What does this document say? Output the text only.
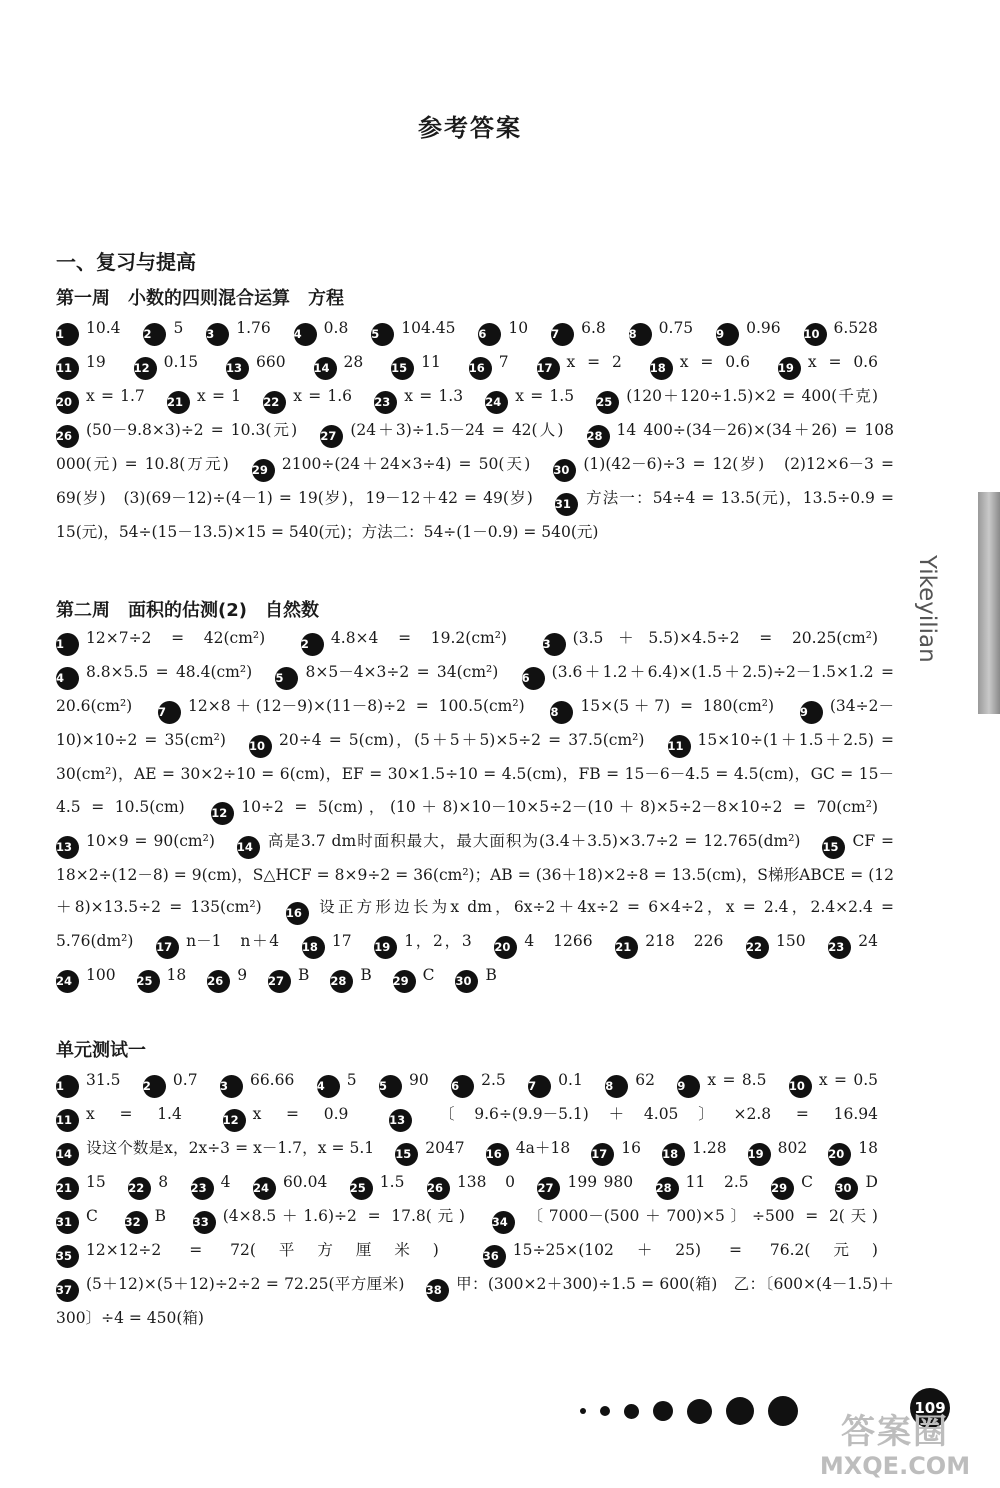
参考答案
一、复习与提高
第一周　小数的四则混合运算　方程
1 10.4 2 5 3 1.76 4 0.8 5 104.45 6 10 7 6.8 8 0.75 9 0.96 10 6.528 11 19 12 0.15 13 660 14 28 15 11 16 7 17 x = 2 18 x = 0.6 19 x = 0.6 20 x = 1.7 21 x = 1 22 x = 1.6 23 x = 1.3 24 x = 1.5 25 (120＋120÷1.5)×2 = 400(千克) 26 (50－9.8×3)÷2 = 10.3(元) 27 (24＋3)÷1.5－24 = 42(人) 28 14 400÷(34－26)×(34＋26) = 108 000(元) = 10.8(万元) 29 2100÷(24＋24×3÷4) = 50(天) 30 (1)(42－6)÷3 = 12(岁)　(2)12×6－3 = 69(岁)　(3)(69－12)÷(4－1) = 19(岁)，19－12＋42 = 49(岁) 31 方法一：54÷4 = 13.5(元)，13.5÷0.9 = 15(元)，54÷(15－13.5)×15 = 540(元)；方法二：54÷(1－0.9) = 540(元)
第二周　面积的估测(2)　自然数
1 12×7÷2 = 42(cm²)	2 4.8×4 = 19.2(cm²)	3 (3.5＋5.5)×4.5÷2 = 20.25(cm²) 4 8.8×5.5 = 48.4(cm²) 5 8×5－4×3÷2 = 34(cm²) 6 (3.6＋1.2＋6.4)×(1.5＋2.5)÷2－1.5×1.2 = 20.6(cm²) 7 12×8＋(12－9)×(11－8)÷2 = 100.5(cm²) 8 15×(5＋7) = 180(cm²) 9 (34÷2－10)×10÷2 = 35(cm²) 10 20÷4 = 5(cm)，(5＋5＋5)×5÷2 = 37.5(cm²) 11 15×10÷(1＋1.5＋2.5) = 30(cm²)，AE = 30×2÷10 = 6(cm)，EF = 30×1.5÷10 = 4.5(cm)，FB = 15－6－4.5 = 4.5(cm)，GC = 15－4.5 = 10.5(cm) 12 10÷2 = 5(cm)，(10＋8)×10－10×5÷2－(10＋8)×5÷2－8×10÷2 = 70(cm²) 13 10×9 = 90(cm²) 14 高是3.7 dm时面积最大，最大面积为(3.4＋3.5)×3.7÷2 = 12.765(dm²) 15 CF = 18×2÷(12－8) = 9(cm)，S△HCF = 8×9÷2 = 36(cm²)；AB = (36＋18)×2÷8 = 13.5(cm)，S梯形ABCE = (12＋8)×13.5÷2 = 135(cm²) 16 设正方形边长为x dm，6x÷2＋4x÷2 = 6×4÷2，x = 2.4，2.4×2.4 = 5.76(dm²) 17 n－1　n＋4 18 17 19 1，2，3 20 4　1266 21 218　226 22 150 23 24 24 100 25 18 26 9 27 B 28 B 29 C 30 B
单元测试一
1 31.5 2 0.7 3 66.66 4 5 5 90 6 2.5 7 0.1 8 62 9 x = 8.5 10 x = 0.5 11 x = 1.4	12 x = 0.9	13 〔9.6÷(9.9－5.1)＋4.05〕×2.8 = 16.94 14 设这个数是x，2x÷3 = x－1.7，x = 5.1 15 2047 16 4a＋18 17 16 18 1.28 19 802 20 18 21 15 22 8 23 4 24 60.04 25 1.5 26 138　0 27 199 980 28 11　2.5 29 C 30 D 31 C 32 B 33 (4×8.5＋1.6)÷2 = 17.8(元) 34 〔7000－(500＋700)×5〕÷500 = 2(天) 35 12×12÷2 = 72(平方厘米)	36 15÷25×(102＋25) = 76.2(元) 37 (5＋12)×(5＋12)÷2÷2 = 72.25(平方厘米) 38 甲：(300×2＋300)÷1.5 = 600(箱)　乙：〔600×(4－1.5)＋300〕÷4 = 450(箱)
Yikeyilian
109
答案圈
MXQE.COM
